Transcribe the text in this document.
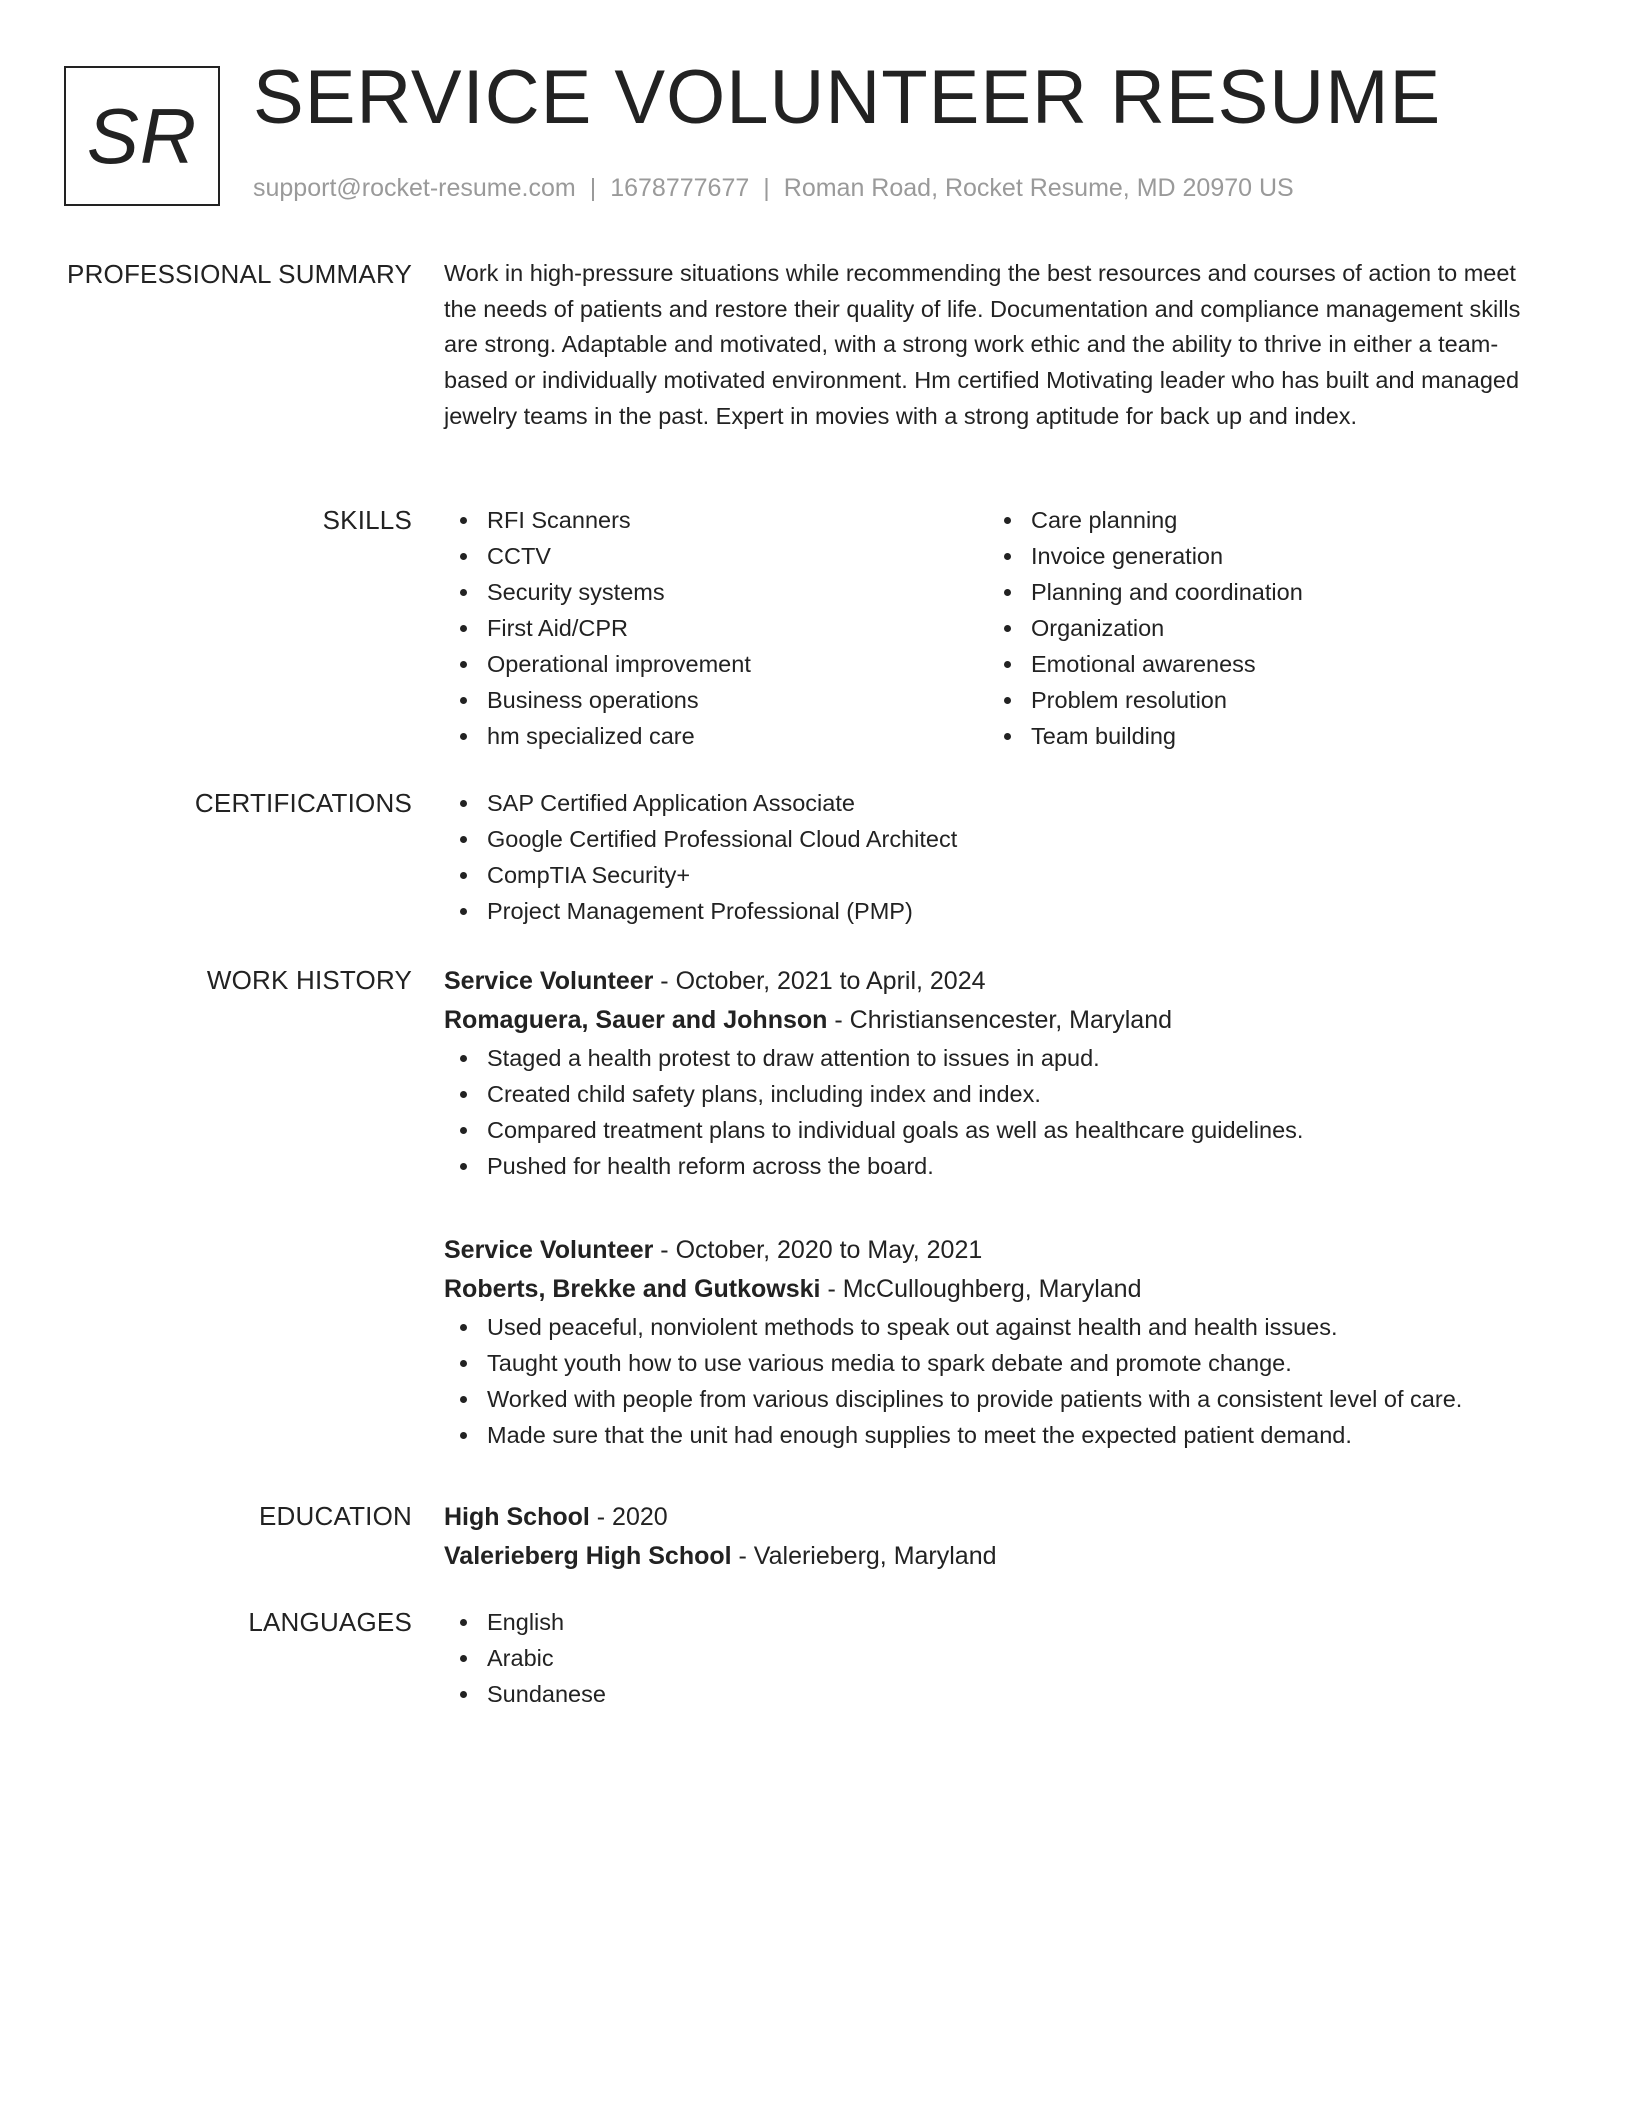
SR SERVICE VOLUNTEER RESUME
support@rocket-resume.com | 1678777677 | Roman Road, Rocket Resume, MD 20970 US
PROFESSIONAL SUMMARY Work in high-pressure situations while recommending the best resources and courses of action to meet the needs of patients and restore their quality of life. Documentation and compliance management skills are strong. Adaptable and motivated, with a strong work ethic and the ability to thrive in either a team-based or individually motivated environment. Hm certified Motivating leader who has built and managed jewelry teams in the past. Expert in movies with a strong aptitude for back up and index.

SKILLS	RFI Scanners
CCTV
Security systems
First Aid/CPR
Operational improvement
Business operations
hm specialized care
Care planning
Invoice generation
Planning and coordination
Organization
Emotional awareness
Problem resolution
Team building
CERTIFICATIONS	SAP Certified Application Associate
Google Certified Professional Cloud Architect
CompTIA Security+
Project Management Professional (PMP)
WORK HISTORY Service Volunteer - October, 2021 to April, 2024
Romaguera, Sauer and Johnson - Christiansencester, Maryland
Staged a health protest to draw attention to issues in apud.
Created child safety plans, including index and index.
Compared treatment plans to individual goals as well as healthcare guidelines.
Pushed for health reform across the board.
Service Volunteer - October, 2020 to May, 2021
Roberts, Brekke and Gutkowski - McCulloughberg, Maryland
Used peaceful, nonviolent methods to speak out against health and health issues.
Taught youth how to use various media to spark debate and promote change.
Worked with people from various disciplines to provide patients with a consistent level of care.
Made sure that the unit had enough supplies to meet the expected patient demand.
EDUCATION High School - 2020
Valerieberg High School - Valerieberg, Maryland
LANGUAGES	English
Arabic
Sundanese
